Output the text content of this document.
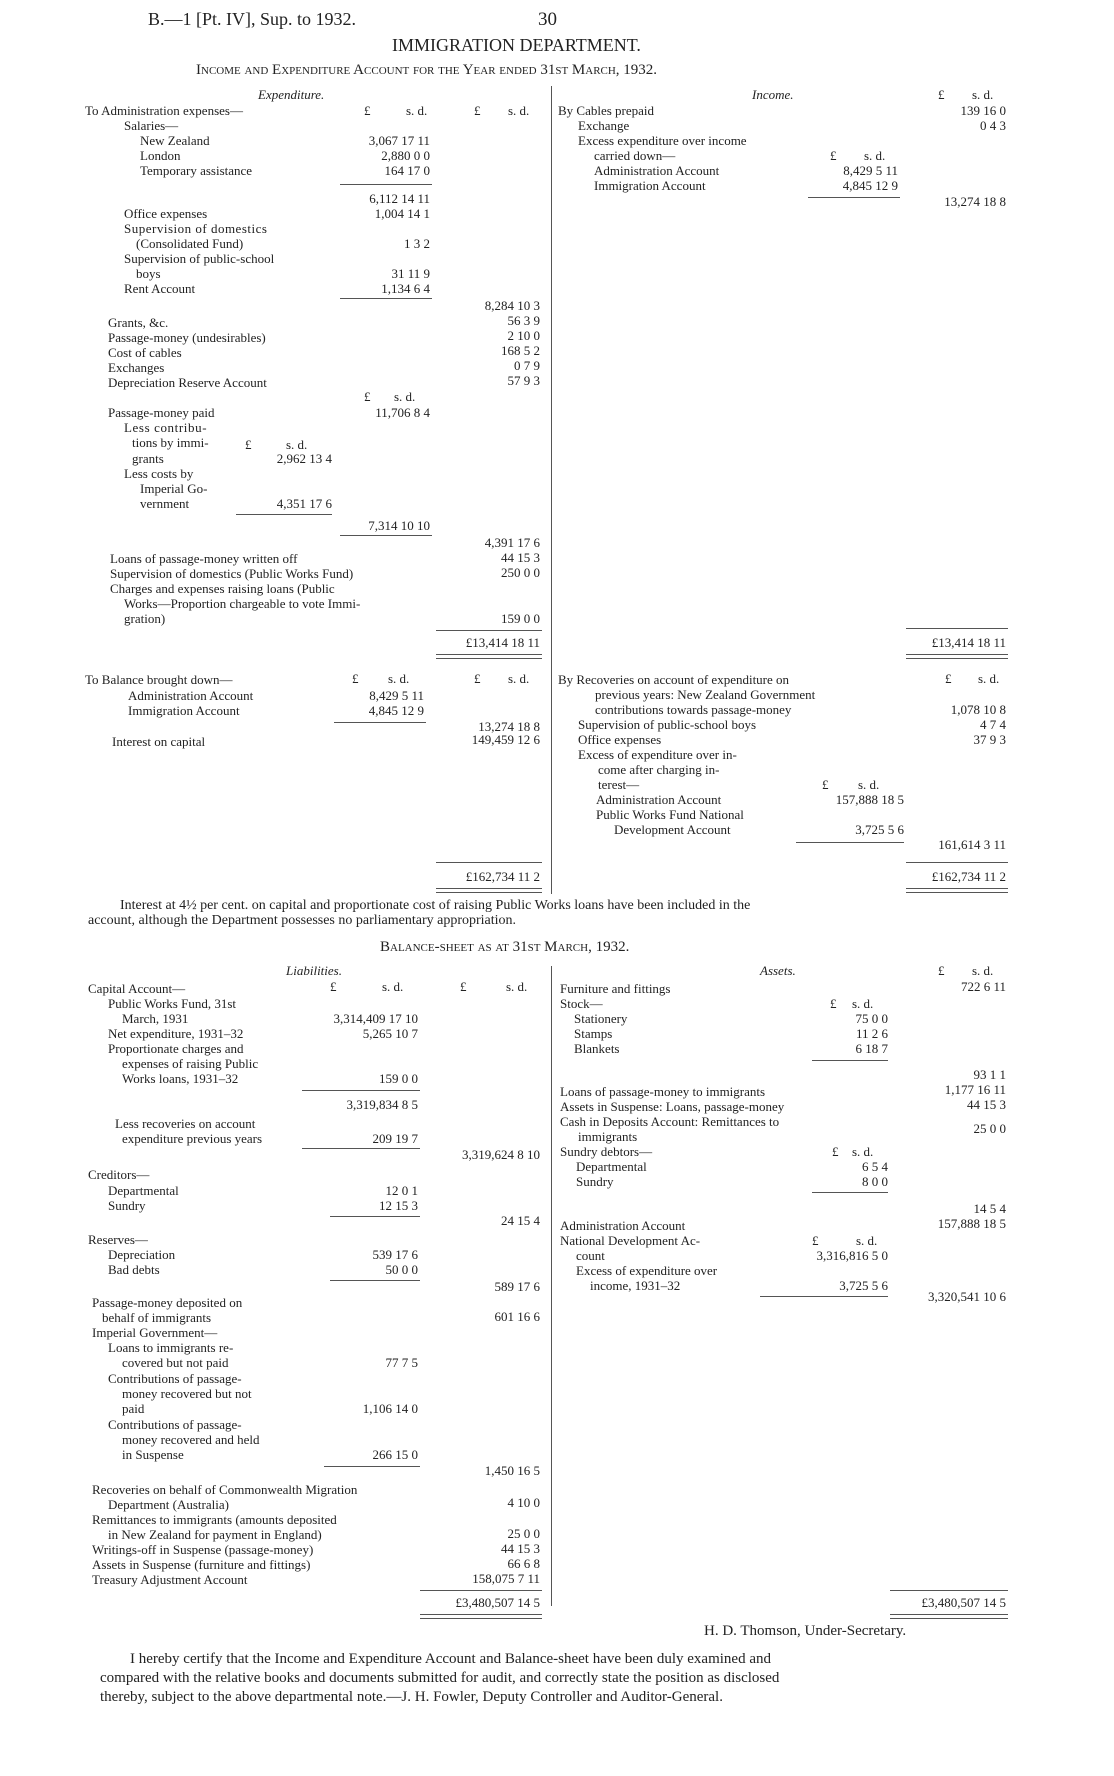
B.—1 [Pt. IV], Sup. to 1932.	30
IMMIGRATION DEPARTMENT.
Income and Expenditure Account for the Year ended 31st March, 1932.
Expenditure.
£	s. d.	£ s. d.
To Administration expenses—
Salaries—
New Zealand	3,067 17 11
London	2,880 0 0
Temporary assistance	164 17 0
6,112 14 11
Office expenses	1,004 14 1
Supervision of domestics
(Consolidated Fund)	1 3 2
Supervision of public-school
boys	31 11 9
Rent Account	1,134 6 4
8,284 10 3
Grants, &c.	56 3 9
Passage-money (undesirables)	2 10 0
Cost of cables	168 5 2
Exchanges	0 7 9
Depreciation Reserve Account	57 9 3
£ s. d.
Passage-money paid	11,706 8 4
Less contribu-
tions by immi-	£	s. d.
grants	2,962 13 4
Less costs by
Imperial Go-
vernment	4,351 17 6
7,314 10 10
4,391 17 6
Loans of passage-money written off	44 15 3
Supervision of domestics (Public Works Fund)	250 0 0
Charges and expenses raising loans (Public
Works—Proportion chargeable to vote Immi-
gration)	159 0 0
£13,414 18 11
Income.	£ s. d.
By Cables prepaid	139 16 0
Exchange	0 4 3
Excess expenditure over income
carried down—	£ s. d.
Administration Account	8,429 5 11
Immigration Account	4,845 12 9
13,274 18 8
£13,414 18 11
To Balance brought down—	£ s. d.	£ s. d.
Administration Account	8,429 5 11
Immigration Account	4,845 12 9
13,274 18 8
Interest on capital	149,459 12 6
£162,734 11 2
By Recoveries on account of expenditure on	£ s. d.
previous years: New Zealand Government
contributions towards passage-money	1,078 10 8
Supervision of public-school boys	4 7 4
Office expenses	37 9 3
Excess of expenditure over in-
come after charging in-
terest—	£ s. d.
Administration Account	157,888 18 5
Public Works Fund National
Development Account	3,725 5 6
161,614 3 11
£162,734 11 2
Interest at 4½ per cent. on capital and proportionate cost of raising Public Works loans have been included in the
account, although the Department possesses no parliamentary appropriation.
Balance-sheet as at 31st March, 1932.
Liabilities.
£	s. d.	£	s. d.
Capital Account—
Public Works Fund, 31st
March, 1931	3,314,409 17 10
Net expenditure, 1931–32	5,265 10 7
Proportionate charges and
expenses of raising Public
Works loans, 1931–32	159 0 0
3,319,834 8 5
Less recoveries on account
expenditure previous years	209 19 7
3,319,624 8 10
Creditors—
Departmental	12 0 1
Sundry	12 15 3
24 15 4
Reserves—
Depreciation	539 17 6
Bad debts	50 0 0
589 17 6
Passage-money deposited on
behalf of immigrants	601 16 6
Imperial Government—
Loans to immigrants re-
covered but not paid	77 7 5
Contributions of passage-
money recovered but not
paid	1,106 14 0
Contributions of passage-
money recovered and held
in Suspense	266 15 0
1,450 16 5
Recoveries on behalf of Commonwealth Migration
Department (Australia)	4 10 0
Remittances to immigrants (amounts deposited
in New Zealand for payment in England)	25 0 0
Writings-off in Suspense (passage-money)	44 15 3
Assets in Suspense (furniture and fittings)	66 6 8
Treasury Adjustment Account	158,075 7 11
£3,480,507 14 5
Assets.	£ s. d.
Furniture and fittings	722 6 11
Stock—	£ s. d.
Stationery	75 0 0
Stamps	11 2 6
Blankets	6 18 7
93 1 1
Loans of passage-money to immigrants	1,177 16 11
Assets in Suspense: Loans, passage-money	44 15 3
Cash in Deposits Account: Remittances to
immigrants
25 0 0
Sundry debtors—	£ s. d.
Departmental	6 5 4
Sundry	8 0 0
14 5 4
Administration Account	157,888 18 5
National Development Ac-	£	s. d.
count	3,316,816 5 0
Excess of expenditure over
income, 1931–32	3,725 5 6
3,320,541 10 6
£3,480,507 14 5
H. D. Thomson, Under-Secretary.
I hereby certify that the Income and Expenditure Account and Balance-sheet have been duly examined and
compared with the relative books and documents submitted for audit, and correctly state the position as disclosed
thereby, subject to the above departmental note.—J. H. Fowler, Deputy Controller and Auditor-General.
